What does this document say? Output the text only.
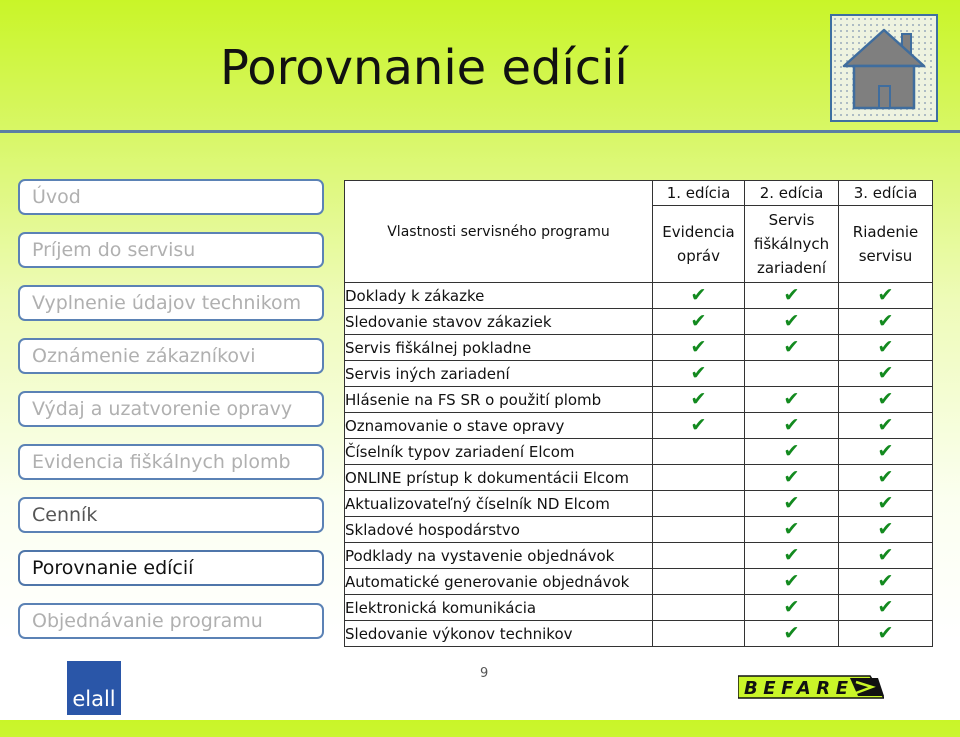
Porovnanie edícií
Úvod
Príjem do servisu
Vyplnenie údajov technikom
Oznámenie zákazníkovi
Výdaj a uzatvorenie opravy
Evidencia fiškálnych plomb
Cenník
Porovnanie edícií
Objednávanie programu
Vlastnosti servisného programu	1. edícia	2. edícia	3. edícia
	Evidencia opráv	Servis fiškálnych zariadení	Riadenie servisu
Doklady k zákazke	✔	✔	✔
Sledovanie stavov zákaziek	✔	✔	✔
Servis fiškálnej pokladne	✔	✔	✔
Servis iných zariadení	✔		✔
Hlásenie na FS SR o použití plomb	✔	✔	✔
Oznamovanie o stave opravy	✔	✔	✔
Číselník typov zariadení Elcom		✔	✔
ONLINE prístup k dokumentácii Elcom		✔	✔
Aktualizovateľný číselník ND Elcom		✔	✔
Skladové hospodárstvo		✔	✔
Podklady na vystavenie objednávok		✔	✔
Automatické generovanie objednávok		✔	✔
Elektronická komunikácia		✔	✔
Sledovanie výkonov technikov		✔	✔
9
elall	BEFARE
